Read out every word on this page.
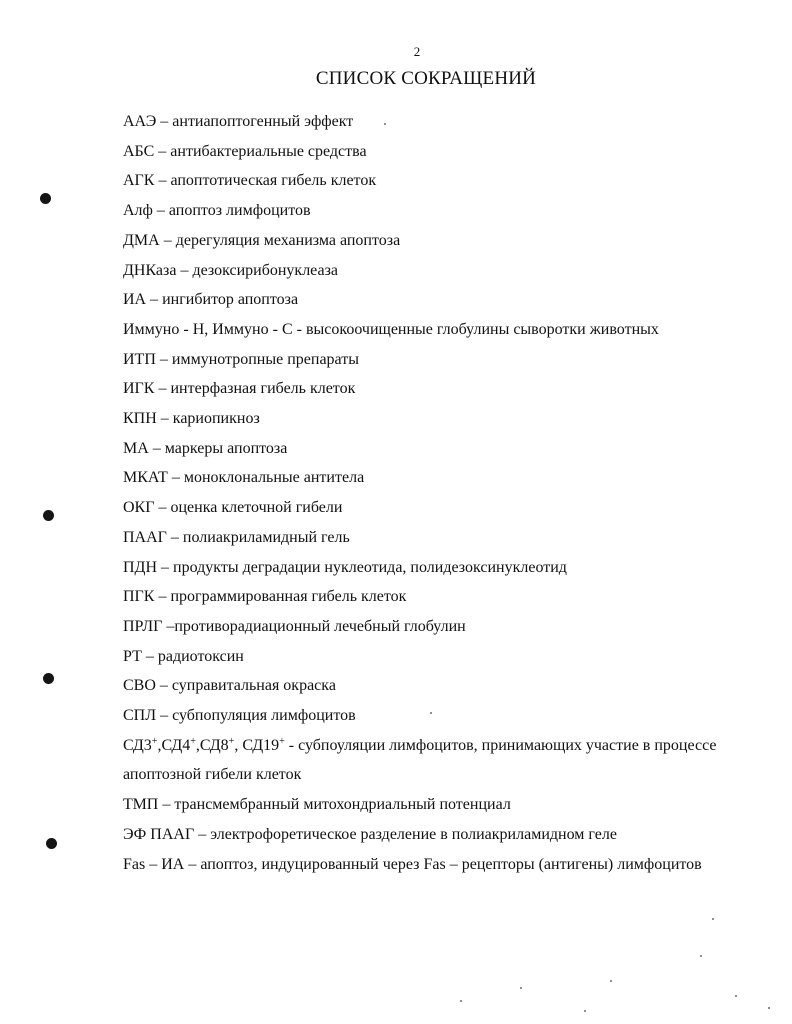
2
СПИСОК СОКРАЩЕНИЙ
ААЭ – антиапоптогенный эффект
АБС – антибактериальные средства
АГК – апоптотическая гибель клеток
Алф – апоптоз лимфоцитов
ДМА – дерегуляция механизма апоптоза
ДНКаза – дезоксирибонуклеаза
ИА – ингибитор апоптоза
Иммуно - Н, Иммуно - С - высокоочищенные глобулины сыворотки животных
ИТП – иммунотропные препараты
ИГК – интерфазная гибель клеток
КПН – кариопикноз
МА – маркеры апоптоза
МКАТ – моноклональные антитела
ОКГ – оценка клеточной гибели
ПААГ – полиакриламидный гель
ПДН – продукты деградации нуклеотида, полидезоксинуклеотид
ПГК – программированная гибель клеток
ПРЛГ –противорадиационный лечебный глобулин
РТ – радиотоксин
СВО – суправитальная окраска
СПЛ – субпопуляция лимфоцитов
СД3+,СД4+,СД8+, СД19+ - субпоуляции лимфоцитов, принимающих участие в процессе апоптозной гибели клеток
ТМП – трансмембранный митохондриальный потенциал
ЭФ ПААГ – электрофоретическое разделение в полиакриламидном геле
Fas – ИА – апоптоз, индуцированный через Fas – рецепторы (антигены) лимфоцитов
